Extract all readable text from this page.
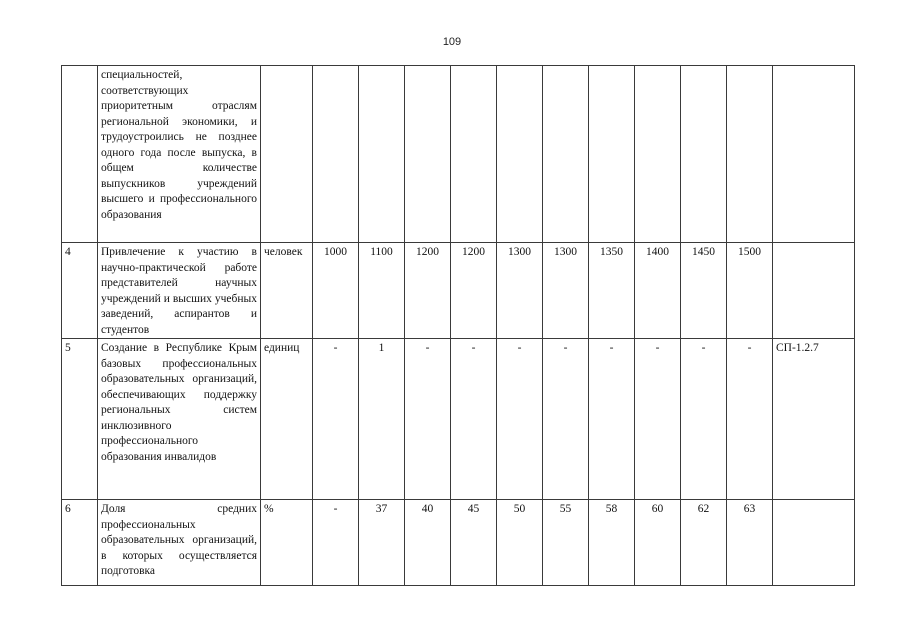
109
	специальностей, соответствующих приоритетным отраслям региональной экономики, и трудоустроились не позднее одного года после выпуска, в общем количестве выпускников учреждений высшего и профессионального образования												
4	Привлечение к участию в научно-практической работе представителей научных учреждений и высших учебных заведений, аспирантов и студентов	человек	1000	1100	1200	1200	1300	1300	1350	1400	1450	1500	
5	Создание в Республике Крым базовых профессиональных образовательных организаций, обеспечивающих поддержку региональных систем инклюзивного профессионального образования инвалидов	единиц	-	1	-	-	-	-	-	-	-	-	СП-1.2.7
6	Доля средних профессиональных образовательных организаций, в которых осуществляется подготовка	%	-	37	40	45	50	55	58	60	62	63	
